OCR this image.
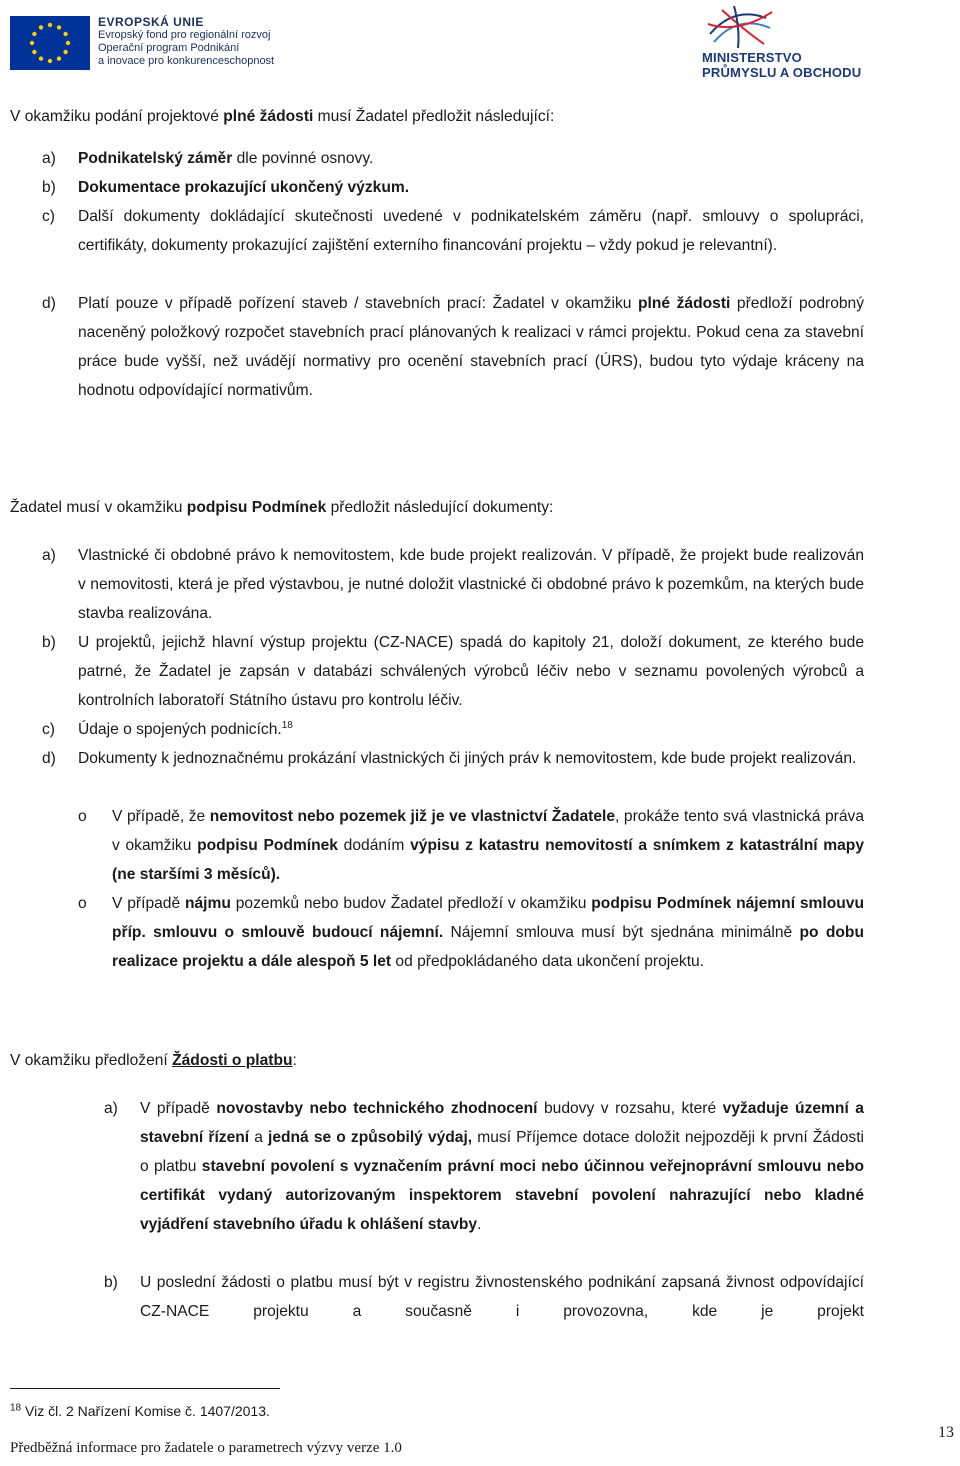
EVROPSKÁ UNIE
Evropský fond pro regionální rozvoj
Operační program Podnikání
a inovace pro konkurenceschopnost	MINISTERSTVO
PRŮMYSLU A OBCHODU

V okamžiku podání projektové plné žádosti musí Žadatel předložit následující:

a) Podnikatelský záměr dle povinné osnovy.
b) Dokumentace prokazující ukončený výzkum.
c) Další dokumenty dokládající skutečnosti uvedené v podnikatelském záměru (např. smlouvy o spolupráci, certifikáty, dokumenty prokazující zajištění externího financování projektu – vždy pokud je relevantní).
d) Platí pouze v případě pořízení staveb / stavebních prací: Žadatel v okamžiku plné žádosti předloží podrobný naceněný položkový rozpočet stavebních prací plánovaných k realizaci v rámci projektu. Pokud cena za stavební práce bude vyšší, než uvádějí normativy pro ocenění stavebních prací (ÚRS), budou tyto výdaje kráceny na hodnotu odpovídající normativům.

Žadatel musí v okamžiku podpisu Podmínek předložit následující dokumenty:

a) Vlastnické či obdobné právo k nemovitostem, kde bude projekt realizován. V případě, že projekt bude realizován v nemovitosti, která je před výstavbou, je nutné doložit vlastnické či obdobné právo k pozemkům, na kterých bude stavba realizována.
b) U projektů, jejichž hlavní výstup projektu (CZ-NACE) spadá do kapitoly 21, doloží dokument, ze kterého bude patrné, že Žadatel je zapsán v databázi schválených výrobců léčiv nebo v seznamu povolených výrobců a kontrolních laboratoří Státního ústavu pro kontrolu léčiv.
c) Údaje o spojených podnicích.$^{18}$
d) Dokumenty k jednoznačnému prokázání vlastnických či jiných práv k nemovitostem, kde bude projekt realizován.
o V případě, že nemovitost nebo pozemek již je ve vlastnictví Žadatele, prokáže tento svá vlastnická práva v okamžiku podpisu Podmínek dodáním výpisu z katastru nemovitostí a snímkem z katastrální mapy (ne staršími 3 měsíců).
o V případě nájmu pozemků nebo budov Žadatel předloží v okamžiku podpisu Podmínek nájemní smlouvu příp. smlouvu o smlouvě budoucí nájemní. Nájemní smlouva musí být sjednána minimálně po dobu realizace projektu a dále alespoň 5 let od předpokládaného data ukončení projektu.

V okamžiku předložení Žádosti o platbu:

a) V případě novostavby nebo technického zhodnocení budovy v rozsahu, které vyžaduje územní a stavební řízení a jedná se o způsobilý výdaj, musí Příjemce dotace doložit nejpozději k první Žádosti o platbu stavební povolení s vyznačením právní moci nebo účinnou veřejnoprávní smlouvu nebo certifikát vydaný autorizovaným inspektorem stavební povolení nahrazující nebo kladné vyjádření stavebního úřadu k ohlášení stavby.
b) U poslední žádosti o platbu musí být v registru živnostenského podnikání zapsaná živnost odpovídající CZ-NACE projektu a současně i provozovna, kde je projekt
$^{18}$ Viz čl. 2 Nařízení Komise č. 1407/2013.
Předběžná informace pro žadatele o parametrech výzvy verze 1.0
13
